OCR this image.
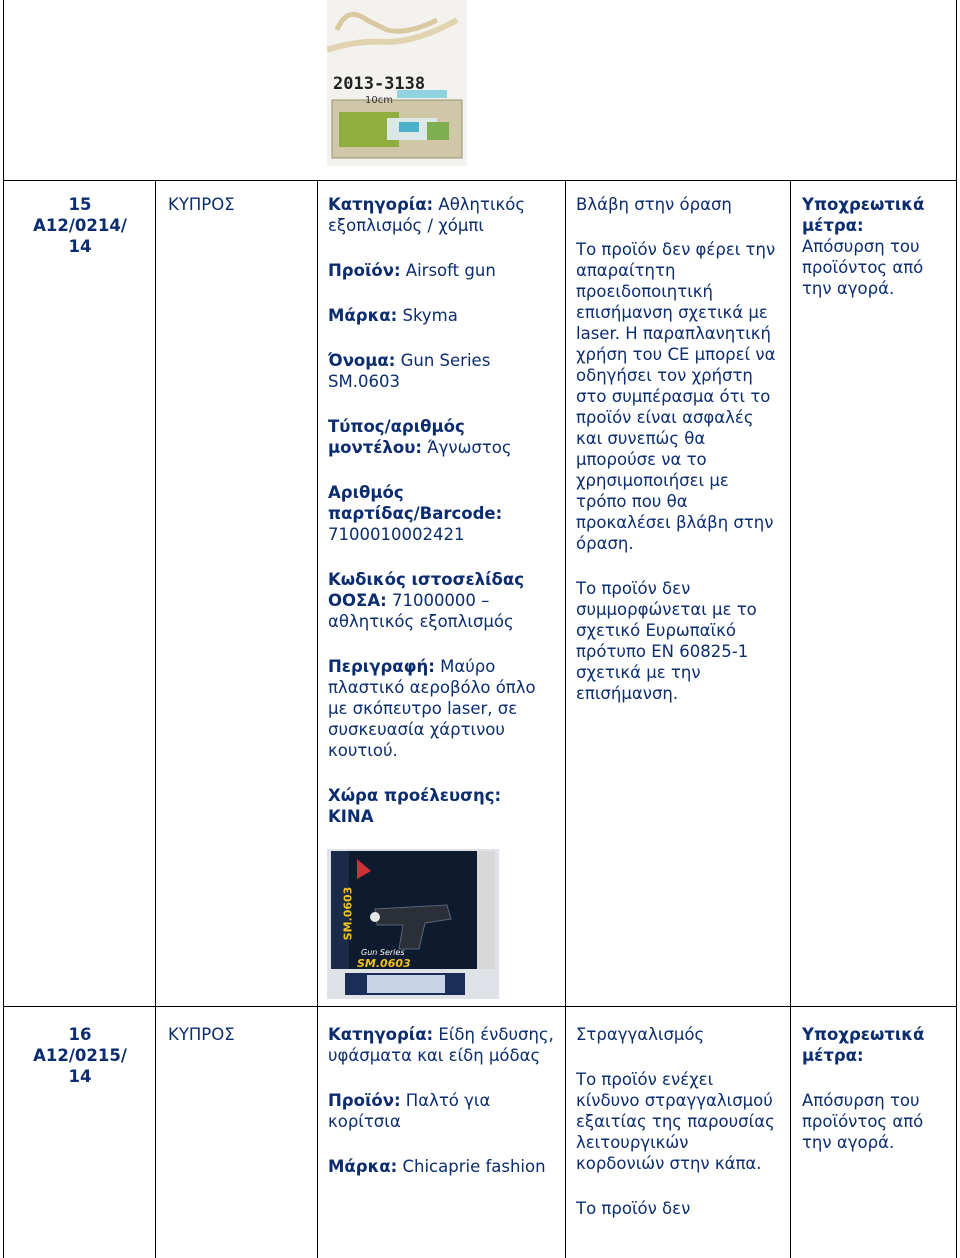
2013-3138
10cm

15

A12/0214/

14

ΚΥΠΡΟΣ	Κατηγορία: Αθλητικός εξοπλισμός / χόμπι

Προϊόν: Airsoft gun

Μάρκα: Skyma

Όνομα: Gun Series SM.0603

Τύπος/αριθμός μοντέλου: Άγνωστος

Αριθμός παρτίδας/Barcode: 7100010002421

Κωδικός ιστοσελίδας ΟΟΣΑ: 71000000 – αθλητικός εξοπλισμός

Περιγραφή: Μαύρο πλαστικό αεροβόλο όπλο με σκόπευτρο laser, σε συσκευασία χάρτινου κουτιού.

Χώρα προέλευσης:

ΚΙΝΑ

Βλάβη στην όραση

Το προϊόν δεν φέρει την απαραίτητη προειδοποιητική επισήμανση σχετικά με laser. Η παραπλανητική χρήση του CE μπορεί να οδηγήσει τον χρήστη στο συμπέρασμα ότι το προϊόν είναι ασφαλές και συνεπώς θα μπορούσε να το χρησιμοποιήσει με τρόπο που θα προκαλέσει βλάβη στην όραση.

Το προϊόν δεν συμμορφώνεται με το σχετικό Ευρωπαϊκό πρότυπο EN 60825-1 σχετικά με την επισήμανση.

Υποχρεωτικά μέτρα:

Απόσυρση του προϊόντος από την αγορά.

Gun Series
SM.0603
SM.0603

16

A12/0215/

14

ΚΥΠΡΟΣ	Κατηγορία: Είδη ένδυσης, υφάσματα και είδη μόδας

Προϊόν: Παλτό για κορίτσια

Μάρκα: Chicaprie fashion

Στραγγαλισμός

Το προϊόν ενέχει κίνδυνο στραγγαλισμού εξαιτίας της παρουσίας λειτουργικών κορδονιών στην κάπα.

Το προϊόν δεν

Υποχρεωτικά μέτρα:

Απόσυρση του προϊόντος από την αγορά.
